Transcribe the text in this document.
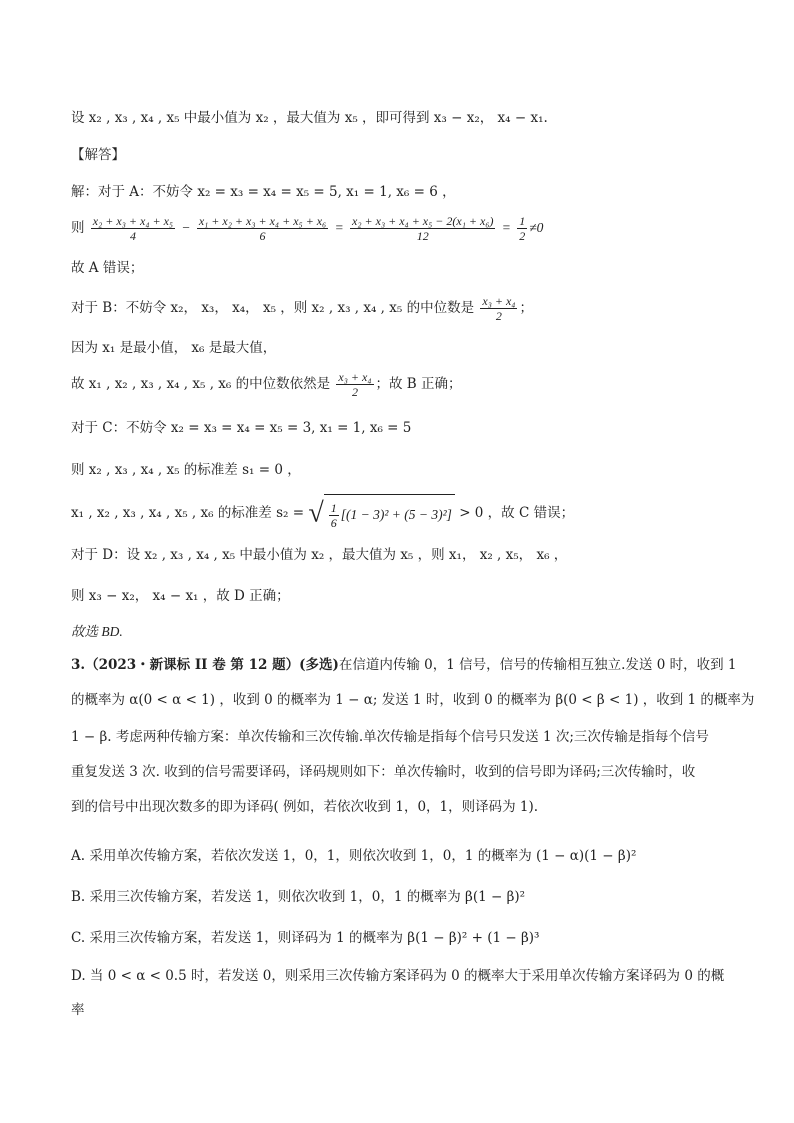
设 x₂ , x₃ , x₄ , x₅ 中最小值为 x₂ ，最大值为 x₅ ，即可得到 x₃ − x₂， x₄ − x₁.
【解答】
解：对于 A：不妨令 x₂ = x₃ = x₄ = x₅ = 5, x₁ = 1, x₆ = 6 ，
则 $\frac{\text{x₂ + x₃ + x₄ + x₅}}{4} - \frac{\text{x₁ + x₂ + x₃ + x₄ + x₅ + x₆}}{6} = \frac{\text{x₂ + x₃ + x₄ + x₅ − 2(x₁ + x₆)}}{12} = \frac{1}{2} \ne 0$
故 A 错误；
对于 B：不妨令 x₂， x₃， x₄， x₅ ，则 x₂ , x₃ , x₄ , x₅ 的中位数是 $\frac{\text{x₃ + x₄}}{2}$ ；
因为 x₁ 是最小值， x₆ 是最大值，
故 x₁ , x₂ , x₃ , x₄ , x₅ , x₆ 的中位数依然是 $\frac{\text{x₃ + x₄}}{2}$ ；故 B 正确；
对于 C：不妨令 x₂ = x₃ = x₄ = x₅ = 3, x₁ = 1, x₆ = 5
则 x₂ , x₃ , x₄ , x₅ 的标准差 s₁ = 0 ，
x₁ , x₂ , x₃ , x₄ , x₅ , x₆ 的标准差 s₂ = √ $\frac{1}{6} [(1 - 3)^2 + (5 - 3)^2] > 0$ ，故 C 错误；
对于 D：设 x₂ , x₃ , x₄ , x₅ 中最小值为 x₂ ，最大值为 x₅ ，则 x₁， x₂ , x₅， x₆ ，
则 x₃ − x₂， x₄ − x₁ ，故 D 正确；
故选 BD.
3.（2023・新课标 II 卷 第 12 题）(多选)在信道内传输 0，1 信号，信号的传输相互独立.发送 0 时，收到 1
的概率为 α(0 < α < 1) ，收到 0 的概率为 1 − α; 发送 1 时，收到 0 的概率为 β(0 < β < 1) ，收到 1 的概率为
1 − β. 考虑两种传输方案：单次传输和三次传输.单次传输是指每个信号只发送 1 次;三次传输是指每个信号
重复发送 3 次. 收到的信号需要译码，译码规则如下：单次传输时，收到的信号即为译码;三次传输时，收
到的信号中出现次数多的即为译码( 例如，若依次收到 1，0，1，则译码为 1).
A. 采用单次传输方案，若依次发送 1，0，1，则依次收到 1，0，1 的概率为 (1 − α)(1 − β)²
B. 采用三次传输方案，若发送 1，则依次收到 1，0，1 的概率为 β(1 − β)²
C. 采用三次传输方案，若发送 1，则译码为 1 的概率为 β(1 − β)² + (1 − β)³
D. 当 0 < α < 0.5 时，若发送 0，则采用三次传输方案译码为 0 的概率大于采用单次传输方案译码为 0 的概
率
